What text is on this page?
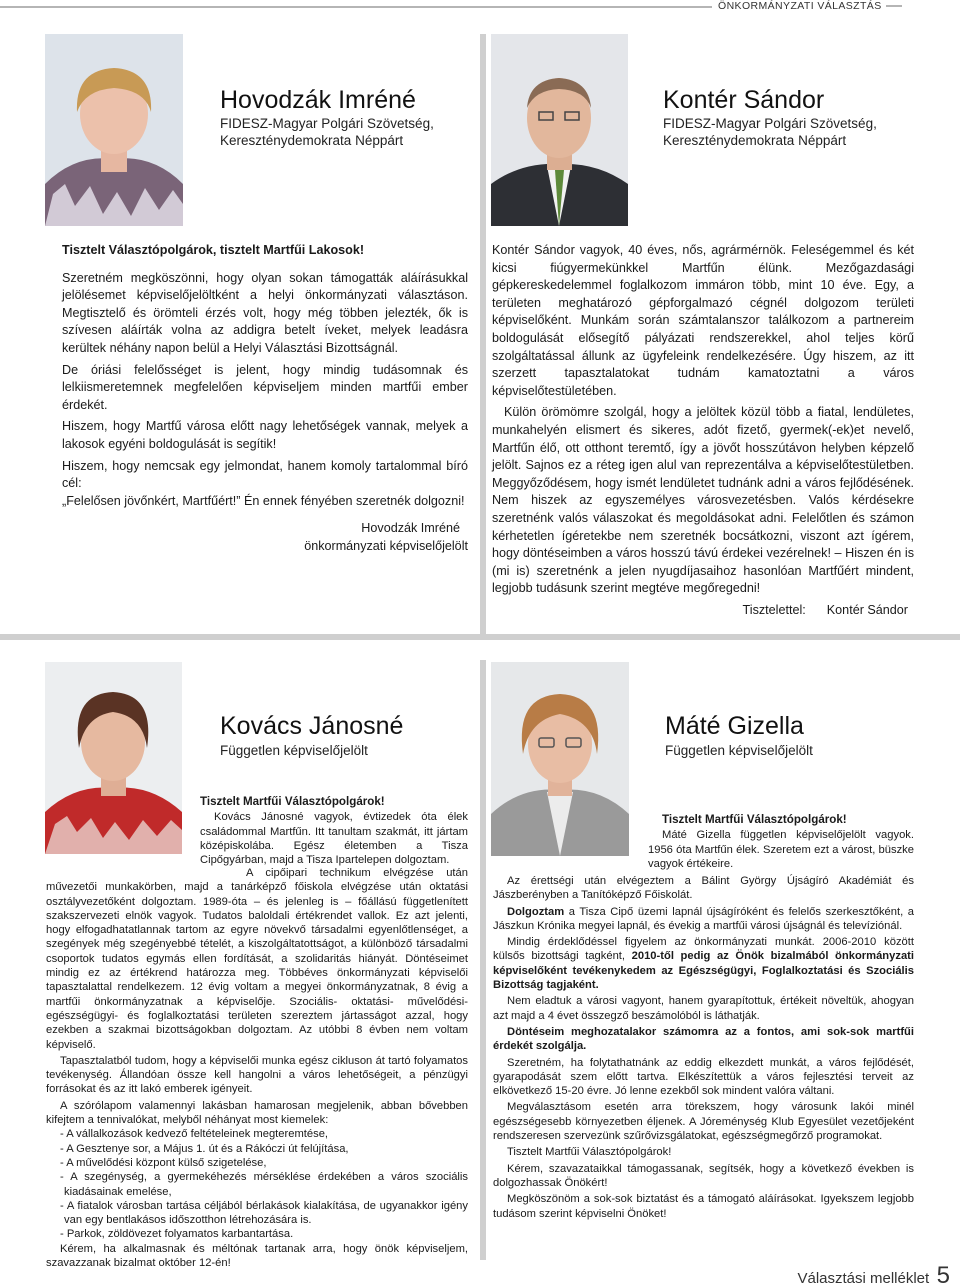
ÖNKORMÁNYZATI VÁLASZTÁS
Hovodzák Imréné
FIDESZ-Magyar Polgári Szövetség,
Kereszténydemokrata Néppárt
Kontér Sándor
FIDESZ-Magyar Polgári Szövetség,
Kereszténydemokrata Néppárt

Tisztelt Választópolgárok, tisztelt Martfűi Lakosok!

Szeretném megköszönni, hogy olyan sokan támogatták aláírásukkal jelölésemet képviselőjelöltként a helyi önkormányzati választáson. Megtisztelő és örömteli érzés volt, hogy még többen jelezték, ők is szívesen aláírták volna az addigra betelt íveket, melyek leadásra kerültek néhány napon belül a Helyi Választási Bizottságnál.

De óriási felelősséget is jelent, hogy mindig tudásomnak és lelkiismeretemnek megfelelően képviseljem minden martfűi ember érdekét.

Hiszem, hogy Martfű városa előtt nagy lehetőségek vannak, melyek a lakosok egyéni boldogulását is segítik!

Hiszem, hogy nemcsak egy jelmondat, hanem komoly tartalommal bíró cél:

„Felelősen jövőnkért, Martfűért!” Én ennek fényében szeretnék dolgozni!

Hovodzák Imréné

önkormányzati képviselőjelölt

Kontér Sándor vagyok, 40 éves, nős, agrármérnök. Feleségemmel és két kicsi fiúgyermekünkkel Martfűn élünk. Mezőgazdasági gépkereskedelemmel foglalkozom immáron több, mint 10 éve. Egy, a területen meghatározó gépforgalmazó cégnél dolgozom területi képviselőként. Munkám során számtalanszor találkozom a partnereim boldogulását elősegítő pályázati rendszerekkel, ahol teljes körű szolgáltatással állunk az ügyfeleink rendelkezésére. Úgy hiszem, az itt szerzett tapasztalatokat tudnám kamatoztatni a város képviselőtestületében.

Külön örömömre szolgál, hogy a jelöltek közül több a fiatal, lendületes, munkahelyén elismert és sikeres, adót fizető, gyermek(-ek)et nevelő, Martfűn élő, ott otthont teremtő, így a jövőt hosszútávon helyben képzelő jelölt. Sajnos ez a réteg igen alul van reprezentálva a képviselőtestületben. Meggyőződésem, hogy ismét lendületet tudnánk adni a város fejlődésének. Nem hiszek az egyszemélyes városvezetésben. Valós kérdésekre szeretnénk valós válaszokat és megoldásokat adni. Felelőtlen és számon kérhetetlen ígéretekbe nem szeretnék bocsátkozni, viszont azt ígérem, hogy döntéseimben a város hosszú távú érdekei vezérelnek! – Hiszen én is (mi is) szeretnénk a jelen nyugdíjasaihoz hasonlóan Martfűért mindent, legjobb tudásunk szerint megtéve megőregedni!

Tisztelettel: Kontér Sándor

Kovács Jánosné
Független képviselőjelölt
Máté Gizella
Független képviselőjelölt

Tisztelt Martfűi Választópolgárok!

Kovács Jánosné vagyok, évtizedek óta élek családommal Martfűn. Itt tanultam szakmát, itt jártam középiskolába. Egész életemben a Tisza Cipőgyárban, majd a Tisza Ipartelepen dolgoztam.

A cipőipari technikum elvégzése után művezetői munkakörben, majd a tanárképző főiskola elvégzése után oktatási osztályvezetőként dolgoztam. 1989-óta – és jelenleg is – főállású függetlenített szakszervezeti elnök vagyok. Tudatos baloldali értékrendet vallok. Ez azt jelenti, hogy elfogadhatatlannak tartom az egyre növekvő társadalmi egyenlőtlenséget, a szegények még szegényebbé tételét, a kiszolgáltatottságot, a különböző társadalmi csoportok tudatos egymás ellen fordítását, a szolidaritás hiányát. Döntéseimet mindig ez az értékrend határozza meg. Többéves önkormányzati képviselői tapasztalattal rendelkezem. 12 évig voltam a megyei önkormányzatnak, 8 évig a martfűi önkormányzatnak a képviselője. Szociális- oktatási- művelődési- egészségügyi- és foglalkoztatási területen szereztem jártasságot azzal, hogy ezekben a szakmai bizottságokban dolgoztam. Az utóbbi 8 évben nem voltam képviselő.

Tapasztalatból tudom, hogy a képviselői munka egész cikluson át tartó folyamatos tevékenység. Állandóan össze kell hangolni a város lehetőségeit, a pénzügyi forrásokat és az itt lakó emberek igényeit.

A szórólapom valamennyi lakásban hamarosan megjelenik, abban bővebben kifejtem a tennivalókat, melyből néhányat most kiemelek:

- A vállalkozások kedvező feltételeinek megteremtése,
- A Gesztenye sor, a Május 1. út és a Rákóczi út felújítása,
- A művelődési központ külső szigetelése,
- A szegénység, a gyermekéhezés mérséklése érdekében a város szociális kiadásainak emelése,
- A fiatalok városban tartása céljából bérlakások kialakítása, de ugyanakkor igény van egy bentlakásos időszotthon létrehozására is.
- Parkok, zöldövezet folyamatos karbantartása.

Kérem, ha alkalmasnak és méltónak tartanak arra, hogy önök képviseljem, szavazzanak bizalmat október 12-én!

Tisztelt Martfűi Választópolgárok!

Máté Gizella független képviselőjelölt vagyok. 1956 óta Martfűn élek. Szeretem ezt a várost, büszke vagyok értékeire.

Az érettségi után elvégeztem a Bálint György Újságíró Akadémiát és Jászberényben a Tanítóképző Főiskolát.

Dolgoztam a Tisza Cipő üzemi lapnál újságíróként és felelős szerkesztőként, a Jászkun Krónika megyei lapnál, és évekig a martfűi városi újságnál és televíziónál.

Mindig érdeklődéssel figyelem az önkormányzati munkát. 2006-2010 között külsős bizottsági tagként, 2010-től pedig az Önök bizalmából önkormányzati képviselőként tevékenykedem az Egészségügyi, Foglalkoztatási és Szociális Bizottság tagjaként.

Nem eladtuk a városi vagyont, hanem gyarapítottuk, értékeit növeltük, ahogyan azt majd a 4 évet összegző beszámolóból is láthatják.

Döntéseim meghozatalakor számomra az a fontos, ami sok-sok martfűi érdekét szolgálja.

Szeretném, ha folytathatnánk az eddig elkezdett munkát, a város fejlődését, gyarapodását szem előtt tartva. Elkészítettük a város fejlesztési terveit az elkövetkező 15-20 évre. Jó lenne ezekből sok mindent valóra váltani.

Megválasztásom esetén arra törekszem, hogy városunk lakói minél egészségesebb környezetben éljenek. A Jóreménység Klub Egyesület vezetőjeként rendszeresen szervezünk szűrővizsgálatokat, egészségmegőrző programokat.

Tisztelt Martfűi Választópolgárok!

Kérem, szavazataikkal támogassanak, segítsék, hogy a következő években is dolgozhassak Önökért!

Megköszönöm a sok-sok biztatást és a támogató aláírásokat. Igyekszem legjobb tudásom szerint képviselni Önöket!

Választási melléklet 5
